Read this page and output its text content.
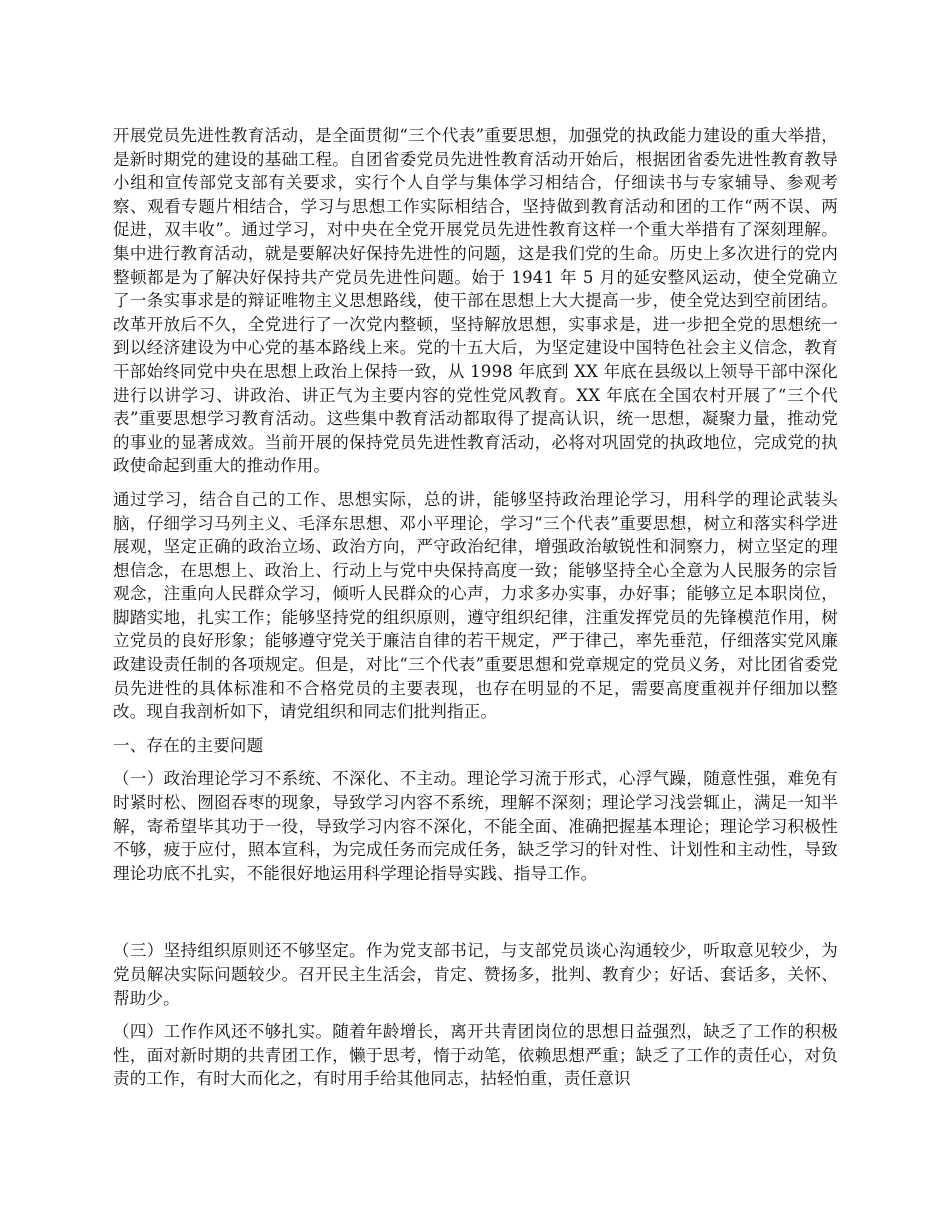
开展党员先进性教育活动，是全面贯彻“三个代表”重要思想，加强党的执政能力建设的重大举措，是新时期党的建设的基础工程。自团省委党员先进性教育活动开始后，根据团省委先进性教育教导小组和宣传部党支部有关要求，实行个人自学与集体学习相结合，仔细读书与专家辅导、参观考察、观看专题片相结合，学习与思想工作实际相结合，坚持做到教育活动和团的工作“两不误、两促进，双丰收”。通过学习，对中央在全党开展党员先进性教育这样一个重大举措有了深刻理解。集中进行教育活动，就是要解决好保持先进性的问题，这是我们党的生命。历史上多次进行的党内整顿都是为了解决好保持共产党员先进性问题。始于 1941 年 5 月的延安整风运动，使全党确立了一条实事求是的辩证唯物主义思想路线，使干部在思想上大大提高一步，使全党达到空前团结。改革开放后不久，全党进行了一次党内整顿，坚持解放思想，实事求是，进一步把全党的思想统一到以经济建设为中心党的基本路线上来。党的十五大后，为坚定建设中国特色社会主义信念，教育干部始终同党中央在思想上政治上保持一致，从 1998 年底到 XX 年底在县级以上领导干部中深化进行以讲学习、讲政治、讲正气为主要内容的党性党风教育。XX 年底在全国农村开展了“三个代表”重要思想学习教育活动。这些集中教育活动都取得了提高认识，统一思想，凝聚力量，推动党的事业的显著成效。当前开展的保持党员先进性教育活动，必将对巩固党的执政地位，完成党的执政使命起到重大的推动作用。

通过学习，结合自己的工作、思想实际，总的讲，能够坚持政治理论学习，用科学的理论武装头脑，仔细学习马列主义、毛泽东思想、邓小平理论，学习“三个代表”重要思想，树立和落实科学进展观，坚定正确的政治立场、政治方向，严守政治纪律，增强政治敏锐性和洞察力，树立坚定的理想信念，在思想上、政治上、行动上与党中央保持高度一致；能够坚持全心全意为人民服务的宗旨观念，注重向人民群众学习，倾听人民群众的心声，力求多办实事，办好事；能够立足本职岗位，脚踏实地，扎实工作；能够坚持党的组织原则，遵守组织纪律，注重发挥党员的先锋模范作用，树立党员的良好形象；能够遵守党关于廉洁自律的若干规定，严于律己，率先垂范，仔细落实党风廉政建设责任制的各项规定。但是，对比“三个代表”重要思想和党章规定的党员义务，对比团省委党员先进性的具体标准和不合格党员的主要表现，也存在明显的不足，需要高度重视并仔细加以整改。现自我剖析如下，请党组织和同志们批判指正。

一、存在的主要问题

（一）政治理论学习不系统、不深化、不主动。理论学习流于形式，心浮气躁，随意性强，难免有时紧时松、囫囵吞枣的现象，导致学习内容不系统，理解不深刻；理论学习浅尝辄止，满足一知半解，寄希望毕其功于一役，导致学习内容不深化，不能全面、准确把握基本理论；理论学习积极性不够，疲于应付，照本宣科，为完成任务而完成任务，缺乏学习的针对性、计划性和主动性，导致理论功底不扎实，不能很好地运用科学理论指导实践、指导工作。

（三）坚持组织原则还不够坚定。作为党支部书记，与支部党员谈心沟通较少，听取意见较少，为党员解决实际问题较少。召开民主生活会，肯定、赞扬多，批判、教育少；好话、套话多，关怀、帮助少。

（四）工作作风还不够扎实。随着年龄增长，离开共青团岗位的思想日益强烈，缺乏了工作的积极性，面对新时期的共青团工作，懒于思考，惰于动笔，依赖思想严重；缺乏了工作的责任心，对负责的工作，有时大而化之，有时用手给其他同志，拈轻怕重，责任意识
